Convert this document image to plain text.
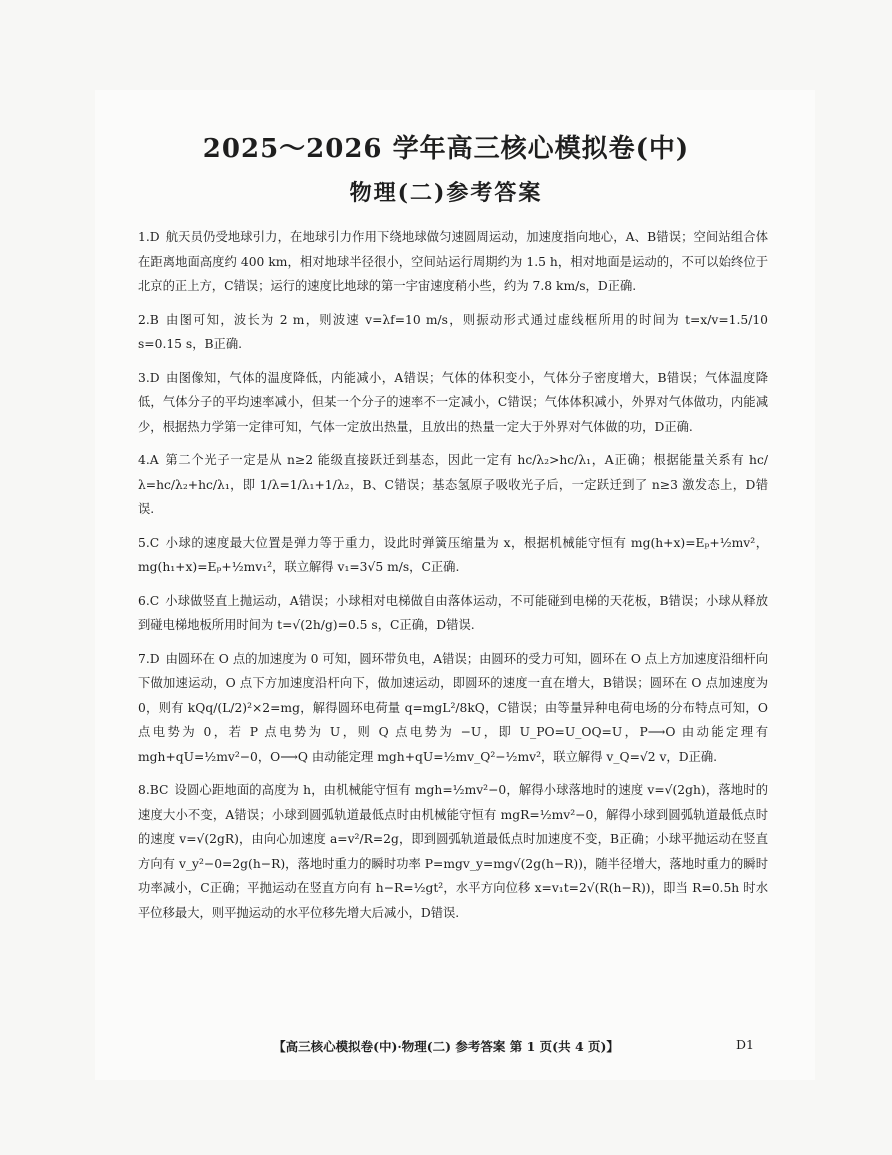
2025～2026 学年高三核心模拟卷(中)
物理(二)参考答案

1.D 航天员仍受地球引力，在地球引力作用下绕地球做匀速圆周运动，加速度指向地心，A、B错误；空间站组合体在距离地面高度约 400 km，相对地球半径很小，空间站运行周期约为 1.5 h，相对地面是运动的，不可以始终位于北京的正上方，C错误；运行的速度比地球的第一宇宙速度稍小些，约为 7.8 km/s，D正确.

2.B 由图可知，波长为 2 m，则波速 v=λf=10 m/s，则振动形式通过虚线框所用的时间为 t=x/v=1.5/10 s=0.15 s，B正确.

3.D 由图像知，气体的温度降低，内能减小，A错误；气体的体积变小，气体分子密度增大，B错误；气体温度降低，气体分子的平均速率减小，但某一个分子的速率不一定减小，C错误；气体体积减小，外界对气体做功，内能减少，根据热力学第一定律可知，气体一定放出热量，且放出的热量一定大于外界对气体做的功，D正确.

4.A 第二个光子一定是从 n≥2 能级直接跃迁到基态，因此一定有 hc/λ₂>hc/λ₁，A正确；根据能量关系有 hc/λ=hc/λ₂+hc/λ₁，即 1/λ=1/λ₁+1/λ₂，B、C错误；基态氢原子吸收光子后，一定跃迁到了 n≥3 激发态上，D错误.

5.C 小球的速度最大位置是弹力等于重力，设此时弹簧压缩量为 x，根据机械能守恒有 mg(h+x)=Eₚ+½mv²，mg(h₁+x)=Eₚ+½mv₁²，联立解得 v₁=3√5 m/s，C正确.

6.C 小球做竖直上抛运动，A错误；小球相对电梯做自由落体运动，不可能碰到电梯的天花板，B错误；小球从释放到碰电梯地板所用时间为 t=√(2h/g)=0.5 s，C正确，D错误.

7.D 由圆环在 O 点的加速度为 0 可知，圆环带负电，A错误；由圆环的受力可知，圆环在 O 点上方加速度沿细杆向下做加速运动，O 点下方加速度沿杆向下，做加速运动，即圆环的速度一直在增大，B错误；圆环在 O 点加速度为 0，则有 kQq/(L/2)²×2=mg，解得圆环电荷量 q=mgL²/8kQ，C错误；由等量异种电荷电场的分布特点可知，O 点电势为 0，若 P 点电势为 U，则 Q 点电势为 −U，即 U_PO=U_OQ=U，P⟶O 由动能定理有 mgh+qU=½mv²−0，O⟶Q 由动能定理 mgh+qU=½mv_Q²−½mv²，联立解得 v_Q=√2 v，D正确.

8.BC 设圆心距地面的高度为 h，由机械能守恒有 mgh=½mv²−0，解得小球落地时的速度 v=√(2gh)，落地时的速度大小不变，A错误；小球到圆弧轨道最低点时由机械能守恒有 mgR=½mv²−0，解得小球到圆弧轨道最低点时的速度 v=√(2gR)，由向心加速度 a=v²/R=2g，即到圆弧轨道最低点时加速度不变，B正确；小球平抛运动在竖直方向有 v_y²−0=2g(h−R)，落地时重力的瞬时功率 P=mgv_y=mg√(2g(h−R))，随半径增大，落地时重力的瞬时功率减小，C正确；平抛运动在竖直方向有 h−R=½gt²，水平方向位移 x=v₁t=2√(R(h−R))，即当 R=0.5h 时水平位移最大，则平抛运动的水平位移先增大后减小，D错误.

【高三核心模拟卷(中)·物理(二) 参考答案 第 1 页(共 4 页)】	D1
